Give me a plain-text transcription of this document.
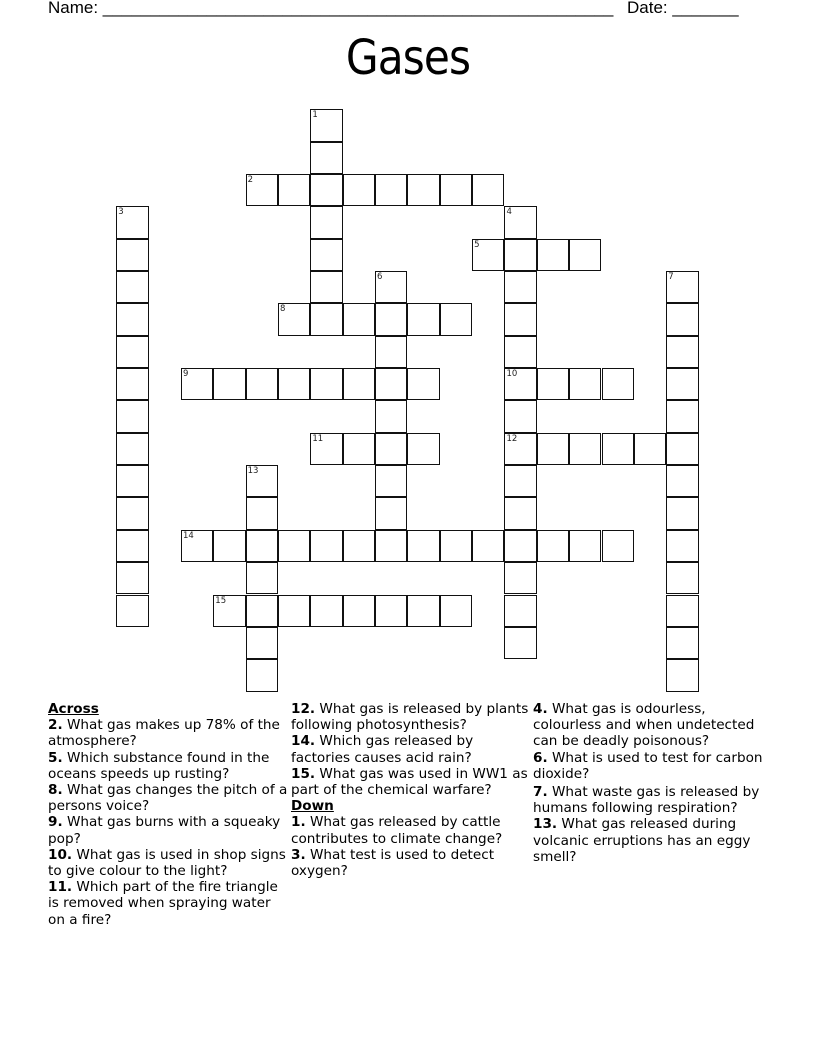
Name: ______________________________________________________ Date: _______
Gases
1
2
3	4
10
12
5
6	7
8
9
11
13
14
15
Across
2. What gas makes up 78% of the atmosphere?
5. Which substance found in the oceans speeds up rusting?
8. What gas changes the pitch of a persons voice?
9. What gas burns with a squeaky pop?
10. What gas is used in shop signs to give colour to the light?
11. Which part of the fire triangle is removed when spraying water on a fire?
12. What gas is released by plants following photosynthesis?
14. Which gas released by factories causes acid rain?
15. What gas was used in WW1 as part of the chemical warfare?
Down
1. What gas released by cattle contributes to climate change?
3. What test is used to detect oxygen?
4. What gas is odourless, colourless and when undetected can be deadly poisonous?
6. What is used to test for carbon dioxide?
7. What waste gas is released by humans following respiration?
13. What gas released during volcanic erruptions has an eggy smell?
